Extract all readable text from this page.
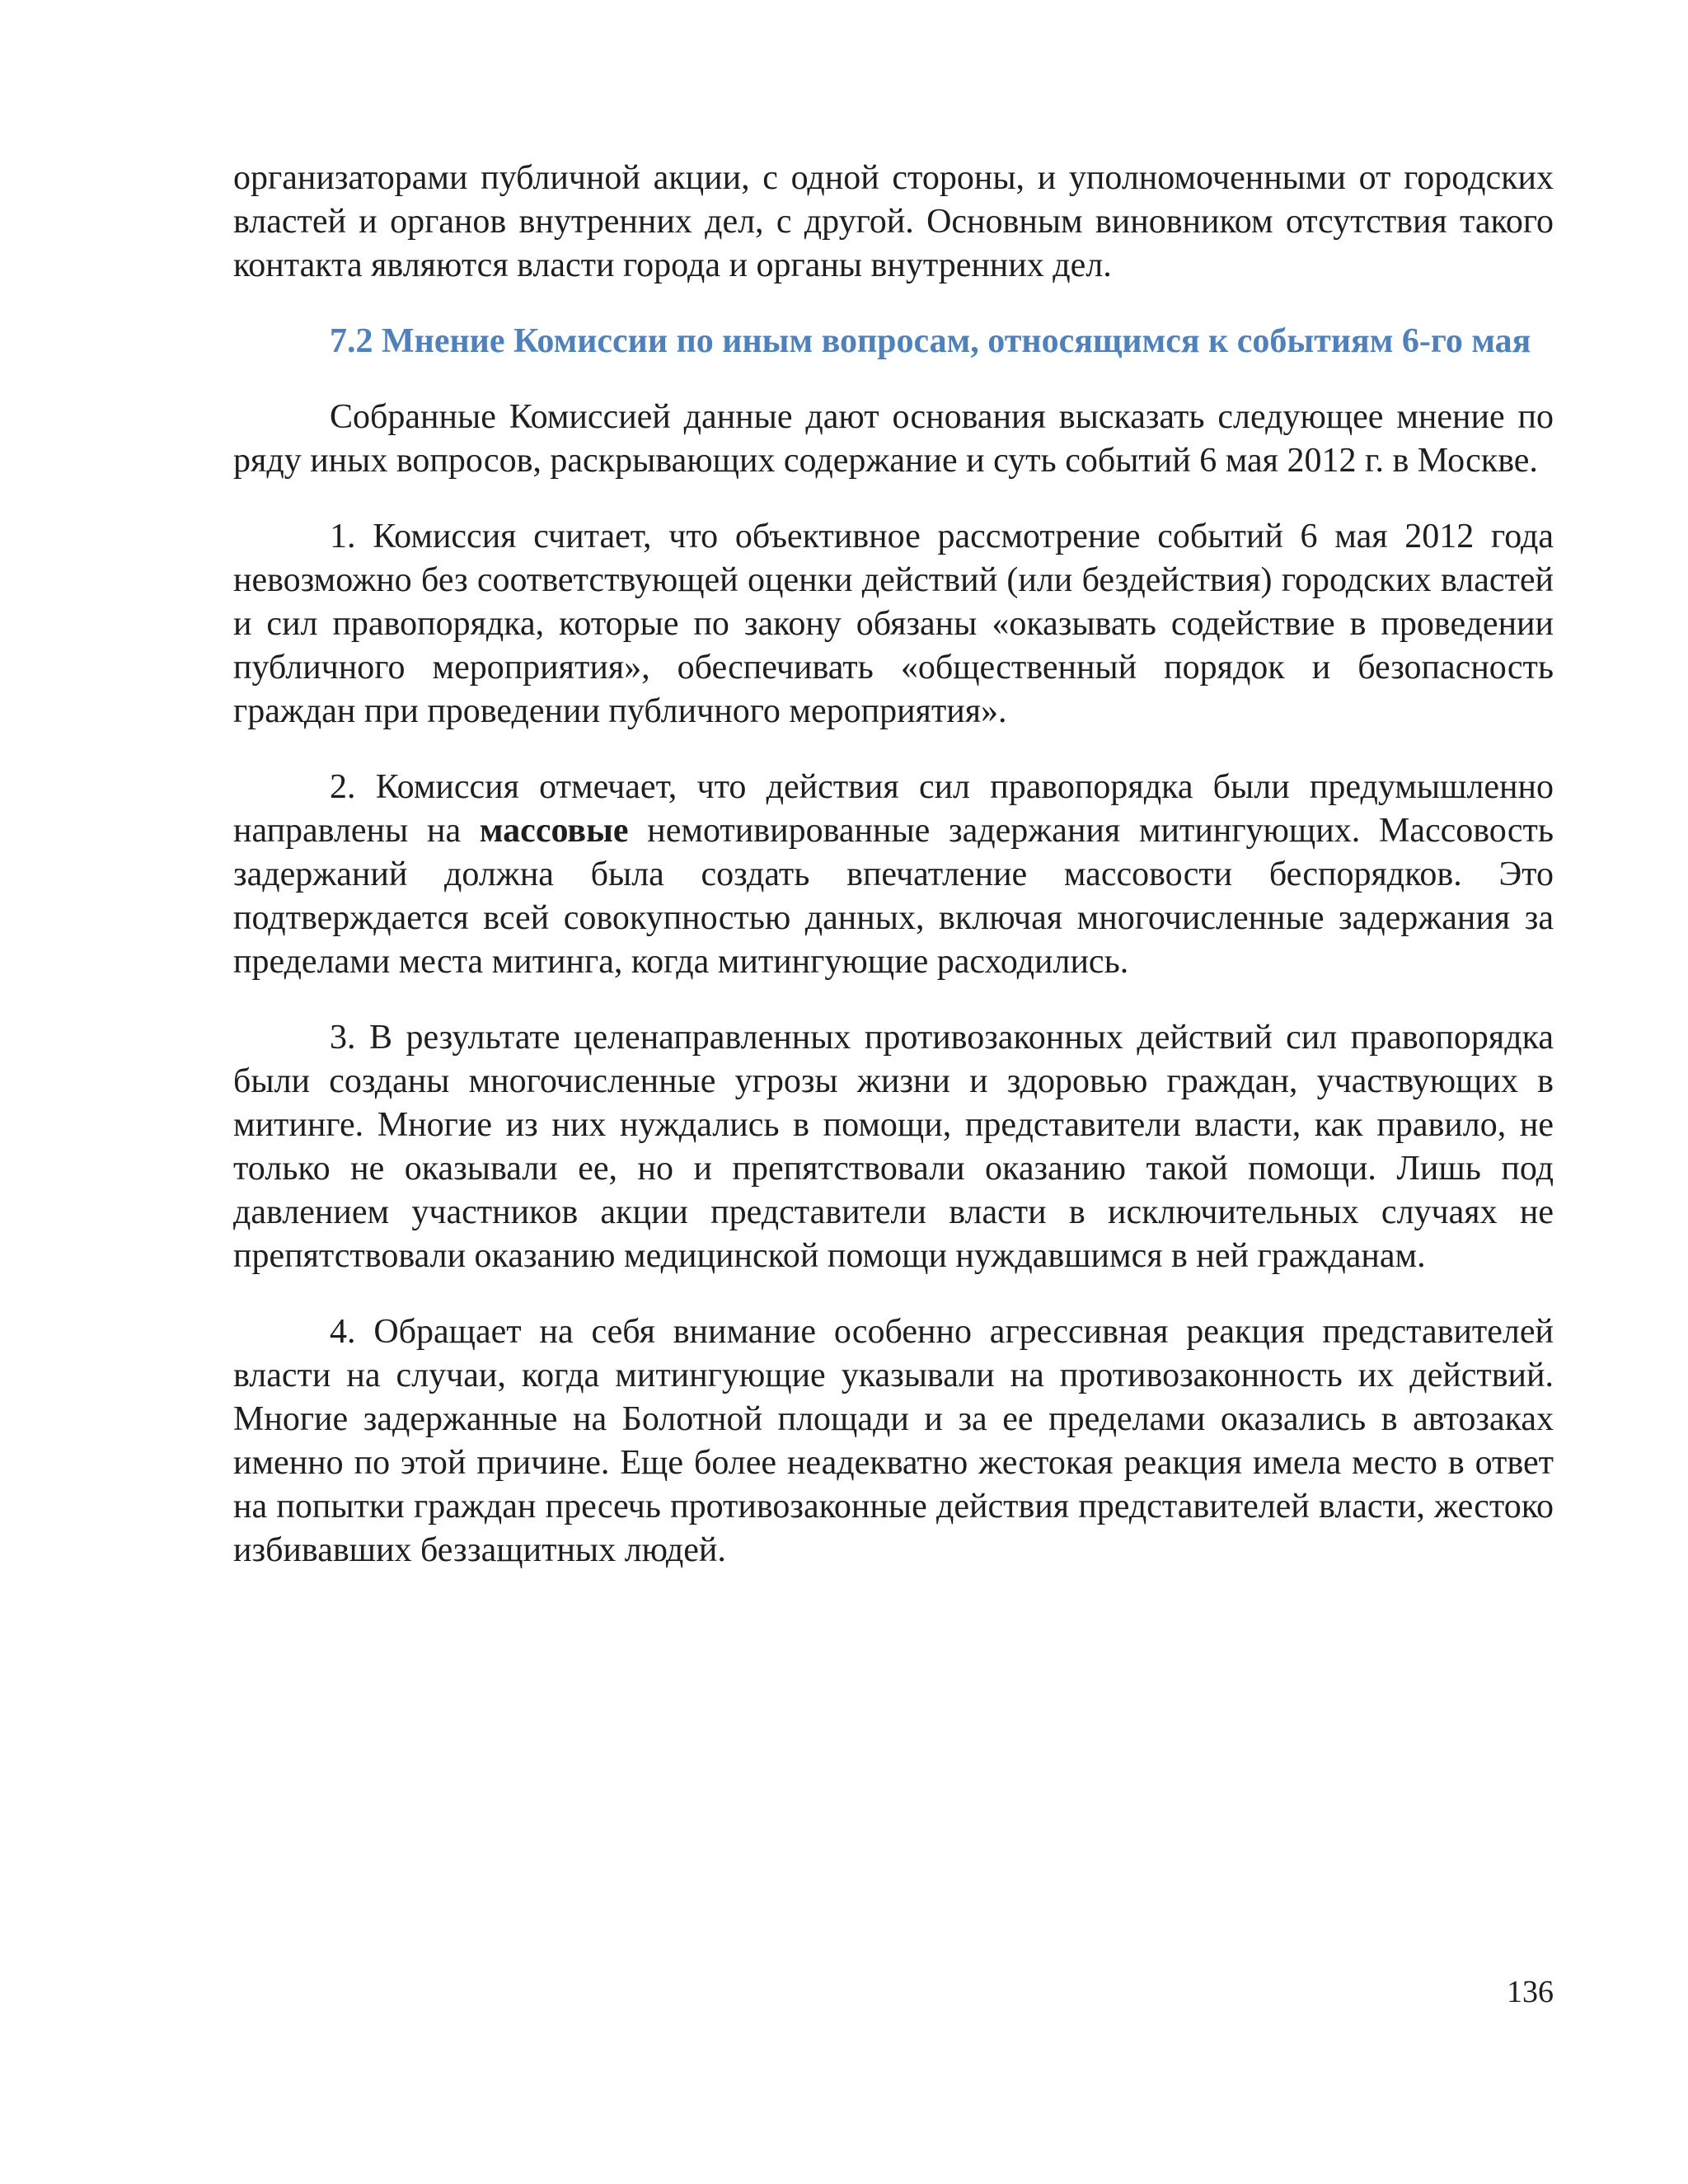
организаторами публичной акции, с одной стороны, и уполномоченными от городских властей и органов внутренних дел, с другой. Основным виновником отсутствия такого контакта являются власти города и органы внутренних дел.

7.2 Мнение Комиссии по иным вопросам, относящимся к событиям 6-го мая

Собранные Комиссией данные дают основания высказать следующее мнение по ряду иных вопросов, раскрывающих содержание и суть событий 6 мая 2012 г. в Москве.

1. Комиссия считает, что объективное рассмотрение событий 6 мая 2012 года невозможно без соответствующей оценки действий (или бездействия) городских властей и сил правопорядка, которые по закону обязаны «оказывать содействие в проведении публичного мероприятия», обеспечивать «общественный порядок и безопасность граждан при проведении публичного мероприятия».

2. Комиссия отмечает, что действия сил правопорядка были предумышленно направлены на массовые немотивированные задержания митингующих. Массовость задержаний должна была создать впечатление массовости беспорядков. Это подтверждается всей совокупностью данных, включая многочисленные задержания за пределами места митинга, когда митингующие расходились.

3. В результате целенаправленных противозаконных действий сил правопорядка были созданы многочисленные угрозы жизни и здоровью граждан, участвующих в митинге. Многие из них нуждались в помощи, представители власти, как правило, не только не оказывали ее, но и препятствовали оказанию такой помощи. Лишь под давлением участников акции представители власти в исключительных случаях не препятствовали оказанию медицинской помощи нуждавшимся в ней гражданам.

4. Обращает на себя внимание особенно агрессивная реакция представителей власти на случаи, когда митингующие указывали на противозаконность их действий. Многие задержанные на Болотной площади и за ее пределами оказались в автозаках именно по этой причине. Еще более неадекватно жестокая реакция имела место в ответ на попытки граждан пресечь противозаконные действия представителей власти, жестоко избивавших беззащитных людей.

136
